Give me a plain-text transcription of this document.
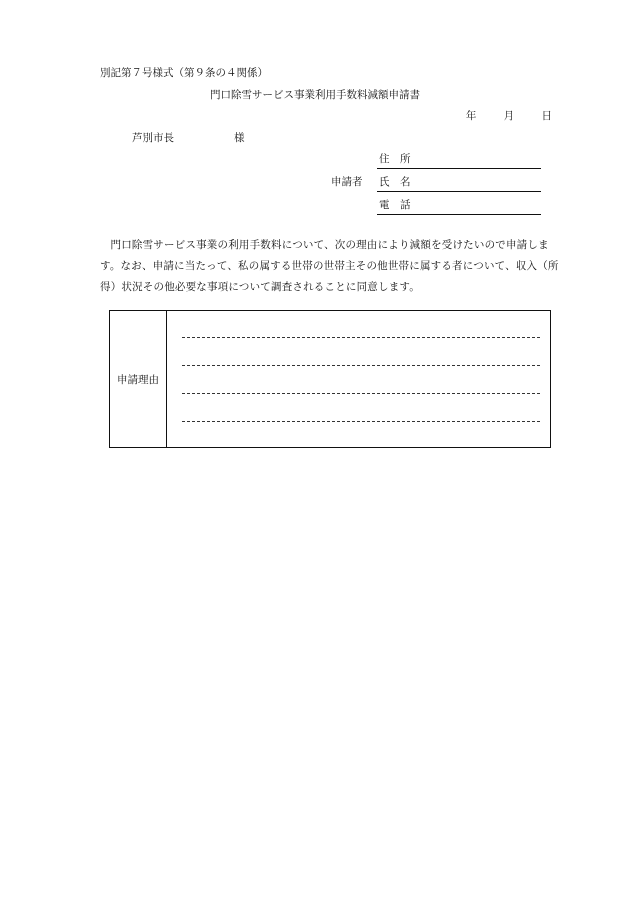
別記第７号様式（第９条の４関係）
門口除雪サービス事業利用手数料減額申請書
年	月	日
芦別市長	様
申請者
住　所
氏　名
電　話
門口除雪サービス事業の利用手数料について、次の理由により減額を受けたいので申請します。なお、申請に当たって、私の属する世帯の世帯主その他世帯に属する者について、収入（所得）状況その他必要な事項について調査されることに同意します。
申請理由
